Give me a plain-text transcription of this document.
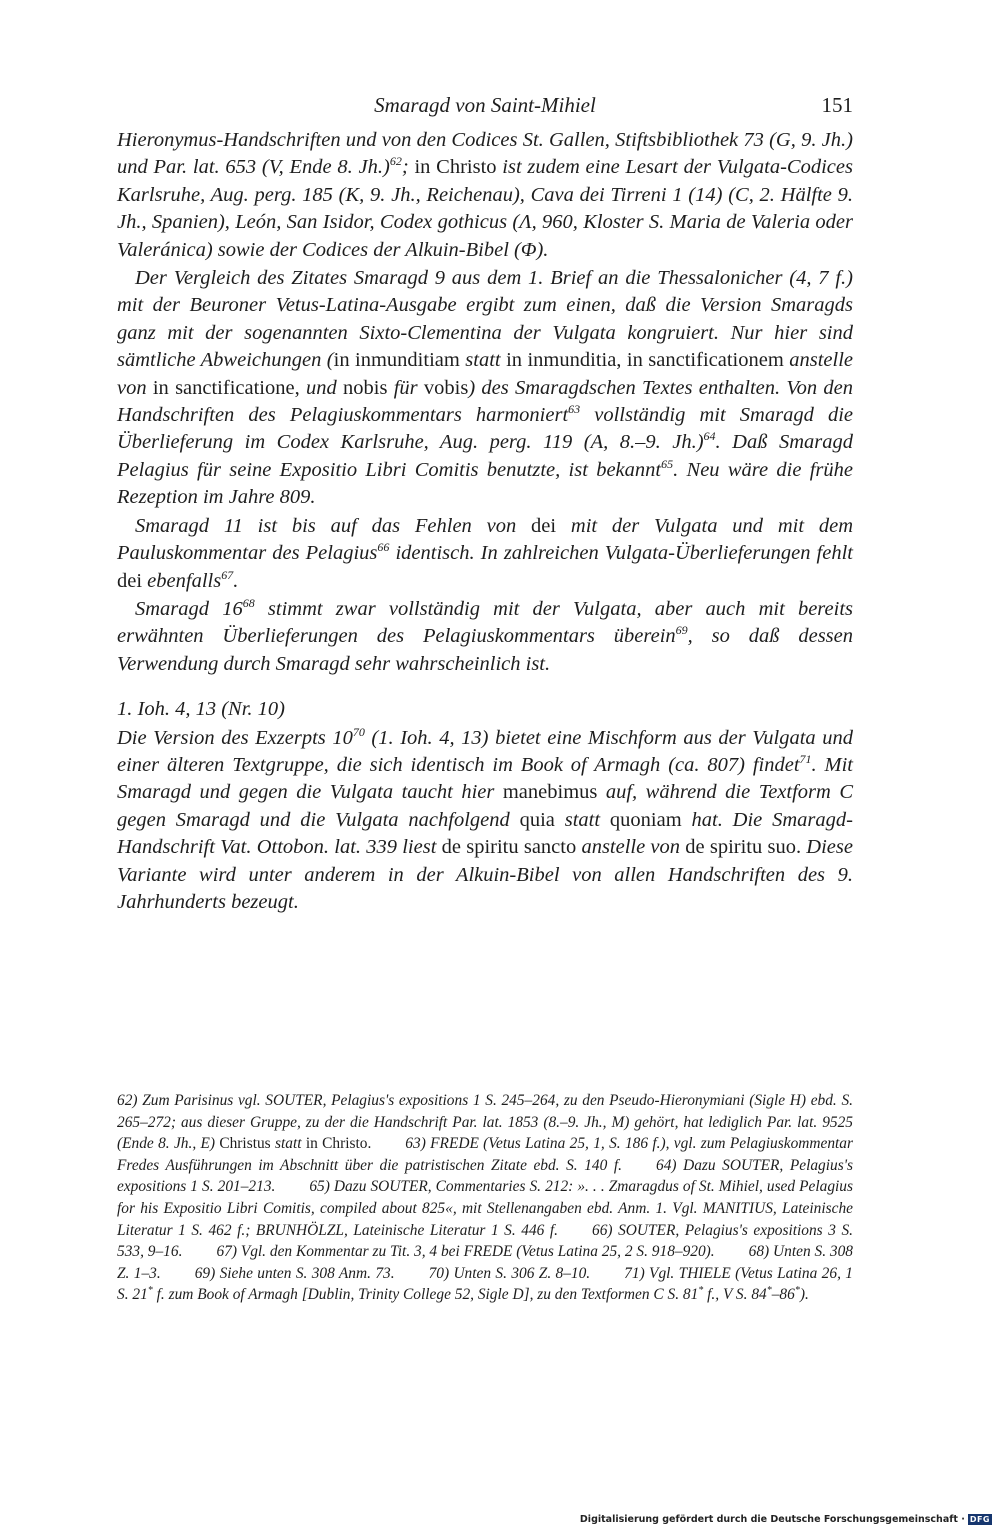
Smaragd von Saint-Mihiel	151

Hieronymus-Handschriften und von den Codices St. Gallen, Stiftsbibliothek 73 (G, 9. Jh.) und Par. lat. 653 (V, Ende 8. Jh.)$^{62}$; in Christo ist zudem eine Lesart der Vulgata-Codices Karlsruhe, Aug. perg. 185 (K, 9. Jh., Reichenau), Cava dei Tirreni 1 (14) (C, 2. Hälfte 9. Jh., Spanien), León, San Isidor, Codex gothicus (Λ, 960, Kloster S. Maria de Valeria oder Valeránica) sowie der Codices der Alkuin-Bibel (Φ).

Der Vergleich des Zitates Smaragd 9 aus dem 1. Brief an die Thessalonicher (4, 7 f.) mit der Beuroner Vetus-Latina-Ausgabe ergibt zum einen, daß die Version Smaragds ganz mit der sogenannten Sixto-Clementina der Vulgata kongruiert. Nur hier sind sämtliche Abweichungen (in inmunditiam statt in inmunditia, in sanctificationem anstelle von in sanctificatione, und nobis für vobis) des Smaragdschen Textes enthalten. Von den Handschriften des Pelagiuskommentars harmoniert$^{63}$ vollständig mit Smaragd die Überlieferung im Codex Karlsruhe, Aug. perg. 119 (A, 8.–9. Jh.)$^{64}$. Daß Smaragd Pelagius für seine Expositio Libri Comitis benutzte, ist bekannt$^{65}$. Neu wäre die frühe Rezeption im Jahre 809.

Smaragd 11 ist bis auf das Fehlen von dei mit der Vulgata und mit dem Pauluskommentar des Pelagius$^{66}$ identisch. In zahlreichen Vulgata-Überlieferungen fehlt dei ebenfalls$^{67}$.

Smaragd $16^{68}$ stimmt zwar vollständig mit der Vulgata, aber auch mit bereits erwähnten Überlieferungen des Pelagiuskommentars überein$^{69}$, so daß dessen Verwendung durch Smaragd sehr wahrscheinlich ist.

1. Ioh. 4, 13 (Nr. 10)

Die Version des Exzerpts $10^{70}$ (1. Ioh. 4, 13) bietet eine Mischform aus der Vulgata und einer älteren Textgruppe, die sich identisch im Book of Armagh (ca. 807) findet$^{71}$. Mit Smaragd und gegen die Vulgata taucht hier manebimus auf, während die Textform C gegen Smaragd und die Vulgata nachfolgend quia statt quoniam hat. Die Smaragd-Handschrift Vat. Ottobon. lat. 339 liest de spiritu sancto anstelle von de spiritu suo. Diese Variante wird unter anderem in der Alkuin-Bibel von allen Handschriften des 9. Jahrhunderts bezeugt.

62) Zum Parisinus vgl. SOUTER, Pelagius's expositions 1 S. 245–264, zu den Pseudo-Hieronymiani (Sigle H) ebd. S. 265–272; aus dieser Gruppe, zu der die Handschrift Par. lat. 1853 (8.–9. Jh., M) gehört, hat lediglich Par. lat. 9525 (Ende 8. Jh., E) Christus statt in Christo. 63) FREDE (Vetus Latina 25, 1, S. 186 f.), vgl. zum Pelagiuskommentar Fredes Ausführungen im Abschnitt über die patristischen Zitate ebd. S. 140 f. 64) Dazu SOUTER, Pelagius's expositions 1 S. 201–213. 65) Dazu SOUTER, Commentaries S. 212: ». . . Zmaragdus of St. Mihiel, used Pelagius for his Expositio Libri Comitis, compiled about 825«, mit Stellenangaben ebd. Anm. 1. Vgl. MANITIUS, Lateinische Literatur 1 S. 462 f.; BRUNHÖLZL, Lateinische Literatur 1 S. 446 f. 66) SOUTER, Pelagius's expositions 3 S. 533, 9–16. 67) Vgl. den Kommentar zu Tit. 3, 4 bei FREDE (Vetus Latina 25, 2 S. 918–920). 68) Unten S. 308 Z. 1–3. 69) Siehe unten S. 308 Anm. 73. 70) Unten S. 306 Z. 8–10. 71) Vgl. THIELE (Vetus Latina 26, 1 S. 21* f. zum Book of Armagh [Dublin, Trinity College 52, Sigle D], zu den Textformen C S. 81* f., V S. 84*–86*).

Digitalisierung gefördert durch die Deutsche Forschungsgemeinschaft · DFG
